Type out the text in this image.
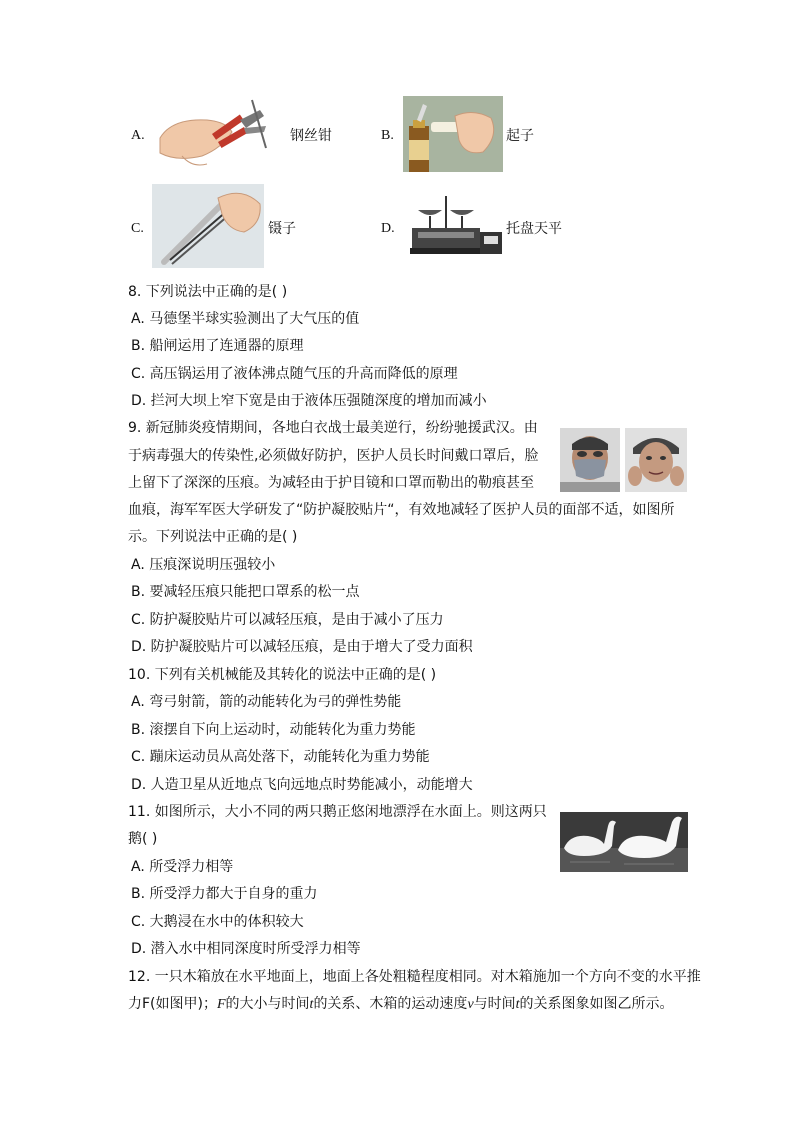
A.	钢丝钳	B.	起子
C.	镊子	D.	托盘天平
8. 下列说法中正确的是( )
A. 马德堡半球实验测出了大气压的值
B. 船闸运用了连通器的原理
C. 高压锅运用了液体沸点随气压的升高而降低的原理
D. 拦河大坝上窄下宽是由于液体压强随深度的增加而减小
9. 新冠肺炎疫情期间，各地白衣战士最美逆行，纷纷驰援武汉。由
于病毒强大的传染性,必须做好防护，医护人员长时间戴口罩后，脸
上留下了深深的压痕。为减轻由于护目镜和口罩而勒出的勒痕甚至
血痕，海军军医大学研发了“防护凝胶贴片“，有效地减轻了医护人员的面部不适，如图所
示。下列说法中正确的是( )
A. 压痕深说明压强较小
B. 要减轻压痕只能把口罩系的松一点
C. 防护凝胶贴片可以减轻压痕，是由于减小了压力
D. 防护凝胶贴片可以减轻压痕，是由于增大了受力面积
10. 下列有关机械能及其转化的说法中正确的是( )
A. 弯弓射箭，箭的动能转化为弓的弹性势能
B. 滚摆自下向上运动时，动能转化为重力势能
C. 蹦床运动员从高处落下，动能转化为重力势能
D. 人造卫星从近地点飞向远地点时势能减小，动能增大
11. 如图所示，大小不同的两只鹅正悠闲地漂浮在水面上。则这两只
鹅( )
A. 所受浮力相等
B. 所受浮力都大于自身的重力
C. 大鹅浸在水中的体积较大
D. 潜入水中相同深度时所受浮力相等
12. 一只木箱放在水平地面上，地面上各处粗糙程度相同。对木箱施加一个方向不变的水平推
力F(如图甲)；F的大小与时间t的关系、木箱的运动速度v与时间t的关系图象如图乙所示。
